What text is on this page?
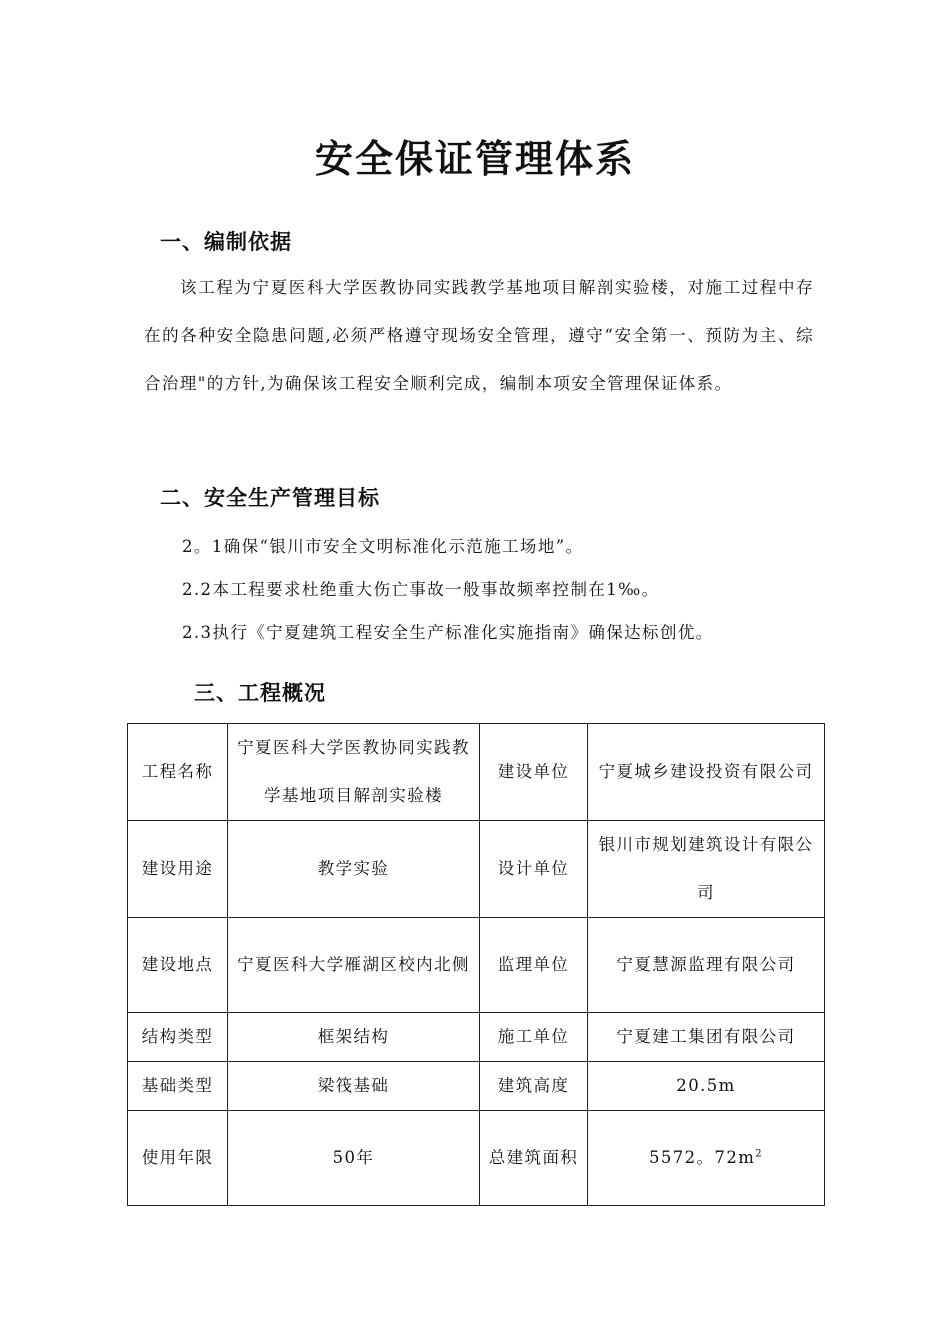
安全保证管理体系
一、编制依据
该工程为宁夏医科大学医教协同实践教学基地项目解剖实验楼，对施工过程中存在的各种安全隐患问题,必须严格遵守现场安全管理，遵守“安全第一、预防为主、综合治理"的方针,为确保该工程安全顺利完成，编制本项安全管理保证体系。
二、安全生产管理目标
2。1确保“银川市安全文明标准化示范施工场地”。
2.2本工程要求杜绝重大伤亡事故一般事故频率控制在1‰。
2.3执行《宁夏建筑工程安全生产标准化实施指南》确保达标创优。
三、工程概况
工程名称	宁夏医科大学医教协同实践教学基地项目解剖实验楼	建设单位	宁夏城乡建设投资有限公司
建设用途	教学实验	设计单位	银川市规划建筑设计有限公司
建设地点	宁夏医科大学雁湖区校内北侧	监理单位	宁夏慧源监理有限公司
结构类型	框架结构	施工单位	宁夏建工集团有限公司
基础类型	梁筏基础	建筑高度	20.5m
使用年限	50年	总建筑面积	5572。$72m^2$
